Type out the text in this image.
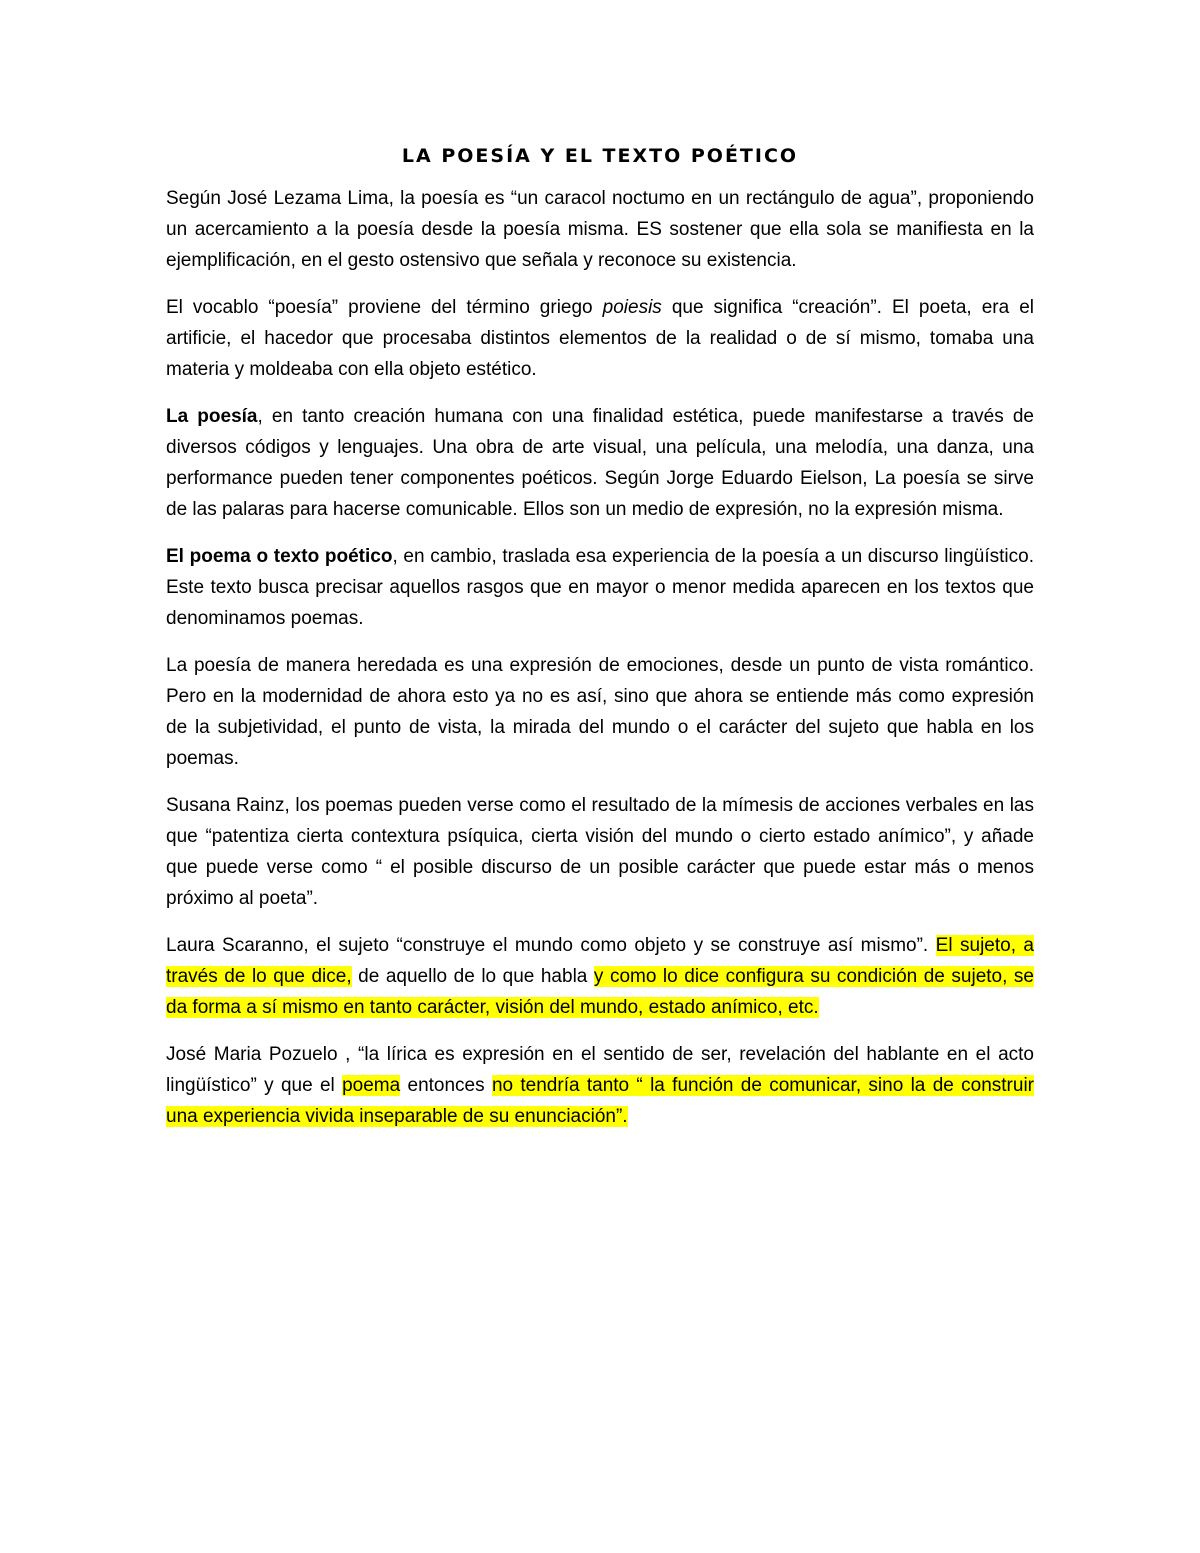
LA POESÍA Y EL TEXTO POÉTICO

Según José Lezama Lima, la poesía es “un caracol noctumo en un rectángulo de agua”, proponiendo un acercamiento a la poesía desde la poesía misma. ES sostener que ella sola se manifiesta en la ejemplificación, en el gesto ostensivo que señala y reconoce su existencia.

El vocablo “poesía” proviene del término griego poiesis que significa “creación”. El poeta, era el artificie, el hacedor que procesaba distintos elementos de la realidad o de sí mismo, tomaba una materia y moldeaba con ella objeto estético.

La poesía, en tanto creación humana con una finalidad estética, puede manifestarse a través de diversos códigos y lenguajes. Una obra de arte visual, una película, una melodía, una danza, una performance pueden tener componentes poéticos. Según Jorge Eduardo Eielson, La poesía se sirve de las palaras para hacerse comunicable. Ellos son un medio de expresión, no la expresión misma.

El poema o texto poético, en cambio, traslada esa experiencia de la poesía a un discurso lingüístico. Este texto busca precisar aquellos rasgos que en mayor o menor medida aparecen en los textos que denominamos poemas.

La poesía de manera heredada es una expresión de emociones, desde un punto de vista romántico. Pero en la modernidad de ahora esto ya no es así, sino que ahora se entiende más como expresión de la subjetividad, el punto de vista, la mirada del mundo o el carácter del sujeto que habla en los poemas.

Susana Rainz, los poemas pueden verse como el resultado de la mímesis de acciones verbales en las que “patentiza cierta contextura psíquica, cierta visión del mundo o cierto estado anímico”, y añade que puede verse como “ el posible discurso de un posible carácter que puede estar más o menos próximo al poeta”.

Laura Scaranno, el sujeto “construye el mundo como objeto y se construye así mismo”. El sujeto, a través de lo que dice, de aquello de lo que habla y como lo dice configura su condición de sujeto, se da forma a sí mismo en tanto carácter, visión del mundo, estado anímico, etc.

José Maria Pozuelo , “la lírica es expresión en el sentido de ser, revelación del hablante en el acto lingüístico” y que el poema entonces no tendría tanto “ la función de comunicar, sino la de construir una experiencia vivida inseparable de su enunciación”.
